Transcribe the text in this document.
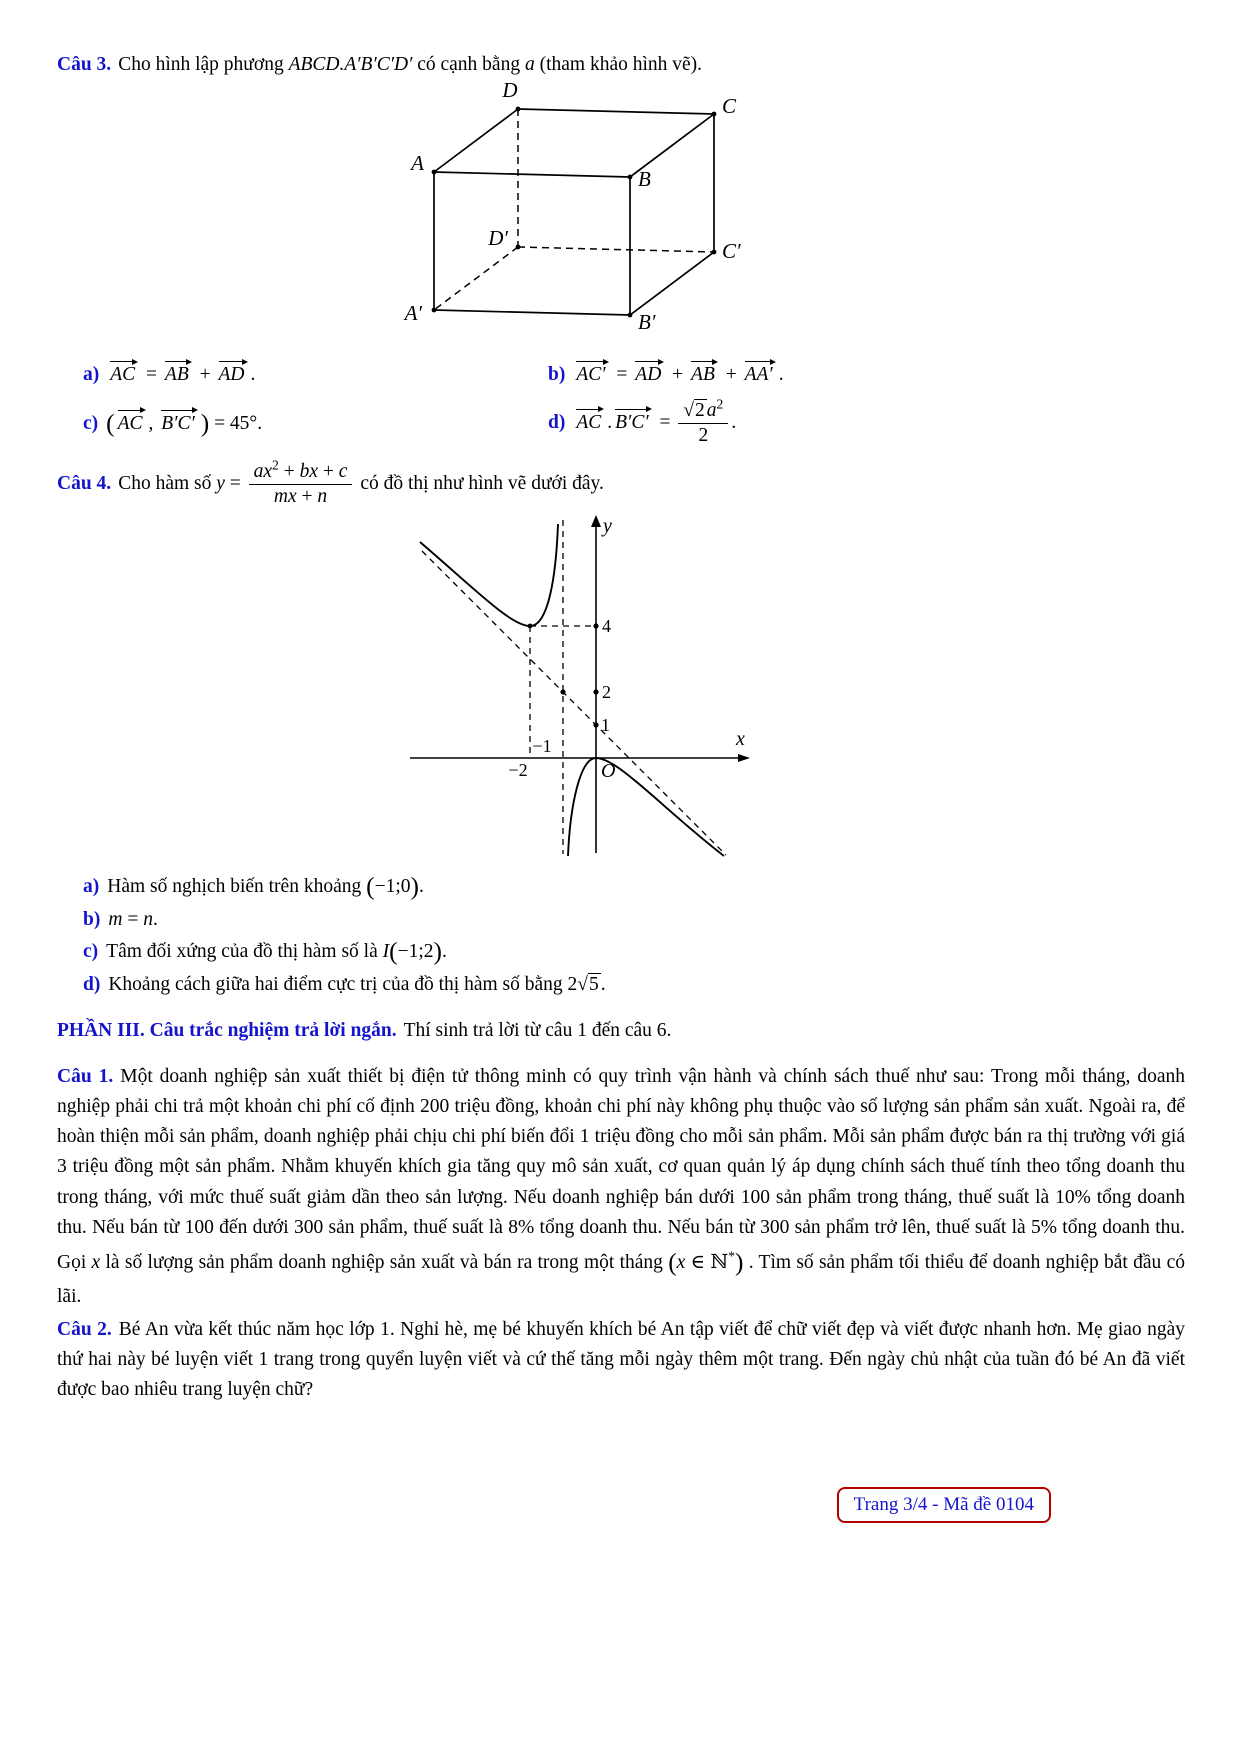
Câu 3. Cho hình lập phương ABCD.A′B′C′D′ có cạnh bằng a (tham khảo hình vẽ).

D
C
A
B
D′
C′
A′	B′
a) AC = AB + AD .	b) AC′ = AD + AB + AA′ .
c) ( AC , B′C′ ) = 45°.	d) AC . $B'C' = \frac{√2 a^2}{2}$ .

Câu 4. Cho hàm số $y = \frac{ax^2 + bx + c}{mx + n}$ có đồ thị như hình vẽ dưới đây.

y
x
O
4
2
1
−1
−2
a) Hàm số nghịch biến trên khoảng (−1;0).
b) m = n.
c) Tâm đối xứng của đồ thị hàm số là I(−1;2).
d) Khoảng cách giữa hai điểm cực trị của đồ thị hàm số bằng 2√5 .

PHẦN III. Câu trắc nghiệm trả lời ngắn. Thí sinh trả lời từ câu 1 đến câu 6.

Câu 1. Một doanh nghiệp sản xuất thiết bị điện tử thông minh có quy trình vận hành và chính sách thuế như sau: Trong mỗi tháng, doanh nghiệp phải chi trả một khoản chi phí cố định 200 triệu đồng, khoản chi phí này không phụ thuộc vào số lượng sản phẩm sản xuất. Ngoài ra, để hoàn thiện mỗi sản phẩm, doanh nghiệp phải chịu chi phí biến đổi 1 triệu đồng cho mỗi sản phẩm. Mỗi sản phẩm được bán ra thị trường với giá 3 triệu đồng một sản phẩm. Nhằm khuyến khích gia tăng quy mô sản xuất, cơ quan quản lý áp dụng chính sách thuế tính theo tổng doanh thu trong tháng, với mức thuế suất giảm dần theo sản lượng. Nếu doanh nghiệp bán dưới 100 sản phẩm trong tháng, thuế suất là 10% tổng doanh thu. Nếu bán từ 100 đến dưới 300 sản phẩm, thuế suất là 8% tổng doanh thu. Nếu bán từ 300 sản phẩm trở lên, thuế suất là 5% tổng doanh thu. Gọi x là số lượng sản phẩm doanh nghiệp sản xuất và bán ra trong một tháng (x ∈ ℕ*) . Tìm số sản phẩm tối thiểu để doanh nghiệp bắt đầu có lãi.

Câu 2. Bé An vừa kết thúc năm học lớp 1. Nghỉ hè, mẹ bé khuyến khích bé An tập viết để chữ viết đẹp và viết được nhanh hơn. Mẹ giao ngày thứ hai này bé luyện viết 1 trang trong quyển luyện viết và cứ thế tăng mỗi ngày thêm một trang. Đến ngày chủ nhật của tuần đó bé An đã viết được bao nhiêu trang luyện chữ?

Trang 3/4 - Mã đề 0104
